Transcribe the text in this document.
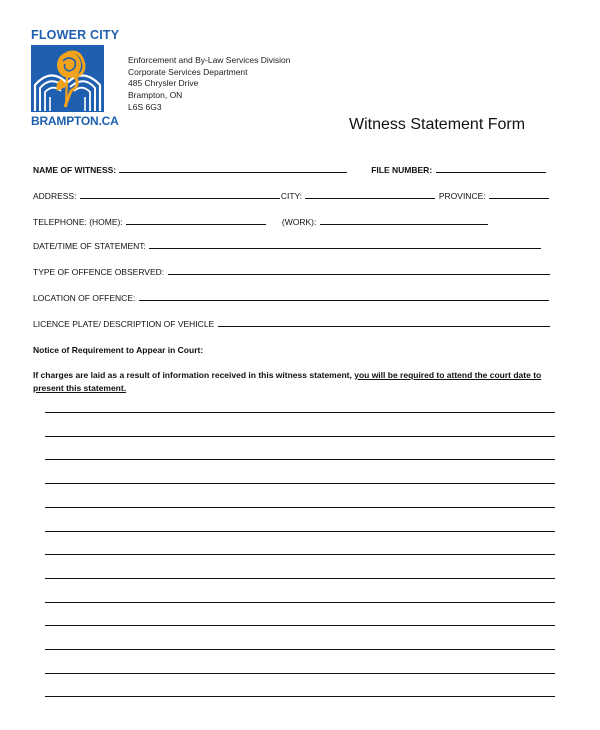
FLOWER CITY
BRAMPTON.CA
Enforcement and By-Law Services Division
Corporate Services Department
485 Chrysler Drive
Brampton, ON
L6S 6G3
Witness Statement Form
NAME OF WITNESS:	FILE NUMBER:
ADDRESS:	CITY:	PROVINCE:
TELEPHONE: (HOME):	(WORK):
DATE/TIME OF STATEMENT:
TYPE OF OFFENCE OBSERVED:
LOCATION OF OFFENCE:
LICENCE PLATE/ DESCRIPTION OF VEHICLE
Notice of Requirement to Appear in Court:
If charges are laid as a result of information received in this witness statement, you will be required to attend the court date to present this statement.
